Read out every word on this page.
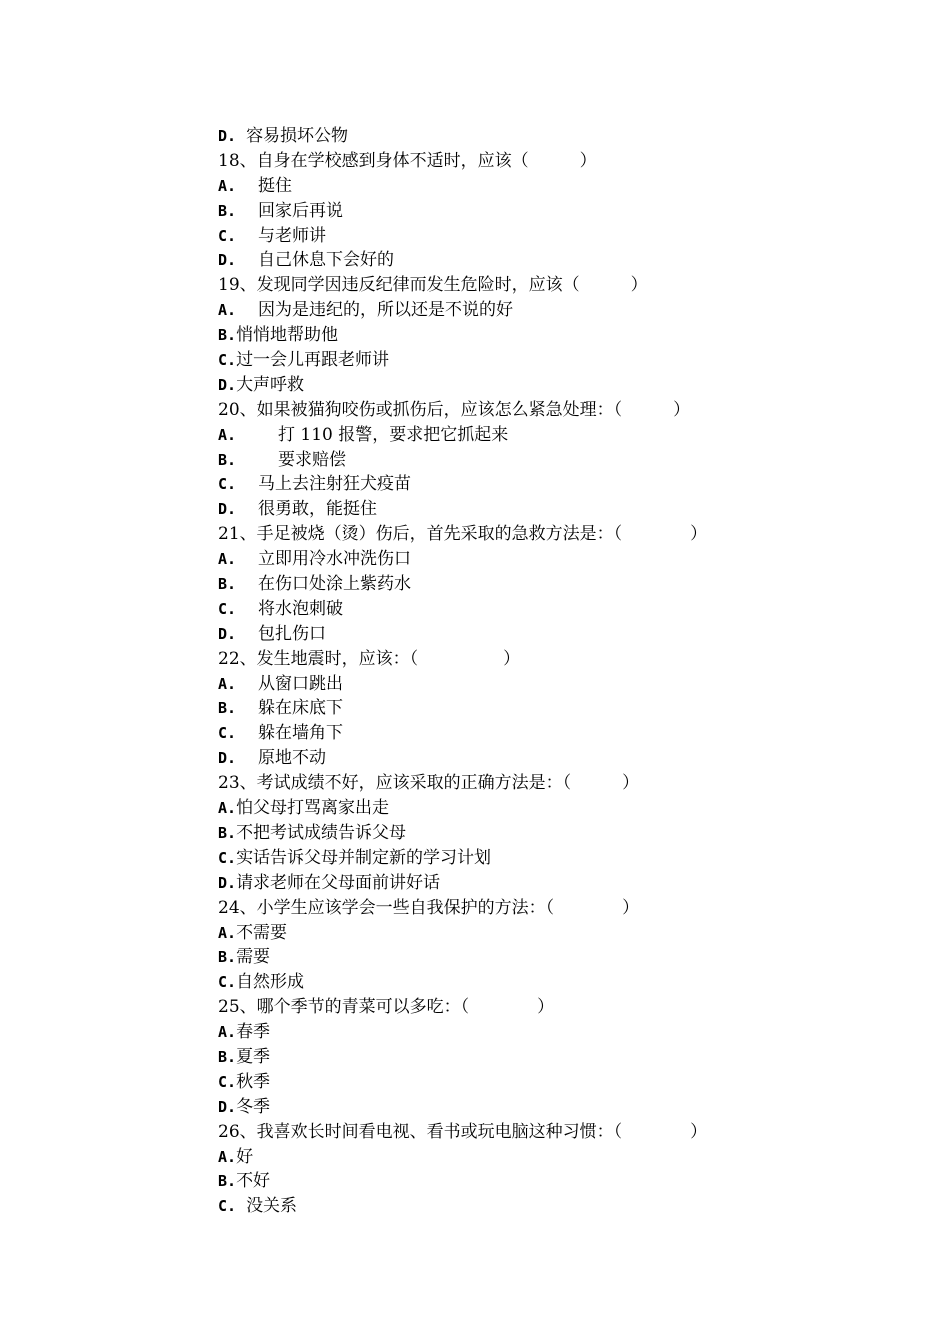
D. 容易损坏公物
18、自身在学校感到身体不适时，应该（　　　）
A. 挺住
B. 回家后再说
C. 与老师讲
D. 自己休息下会好的
19、发现同学因违反纪律而发生危险时，应该（　　　）
A. 因为是违纪的，所以还是不说的好
B.悄悄地帮助他
C.过一会儿再跟老师讲
D.大声呼救
20、如果被猫狗咬伤或抓伤后，应该怎么紧急处理：（　　　）
A. 打 110 报警，要求把它抓起来
B. 要求赔偿
C. 马上去注射狂犬疫苗
D. 很勇敢，能挺住
21、手足被烧（烫）伤后，首先采取的急救方法是：（　　　　）
A. 立即用冷水冲洗伤口
B. 在伤口处涂上紫药水
C. 将水泡刺破
D. 包扎伤口
22、发生地震时，应该：（　　　　　）
A. 从窗口跳出
B. 躲在床底下
C. 躲在墙角下
D. 原地不动
23、考试成绩不好，应该采取的正确方法是：（　　　）
A.怕父母打骂离家出走
B.不把考试成绩告诉父母
C.实话告诉父母并制定新的学习计划
D.请求老师在父母面前讲好话
24、小学生应该学会一些自我保护的方法：（　　　　）
A.不需要
B.需要
C.自然形成
25、哪个季节的青菜可以多吃：（　　　　）
A.春季
B.夏季
C.秋季
D.冬季
26、我喜欢长时间看电视、看书或玩电脑这种习惯：（　　　　）
A.好
B.不好
C. 没关系
